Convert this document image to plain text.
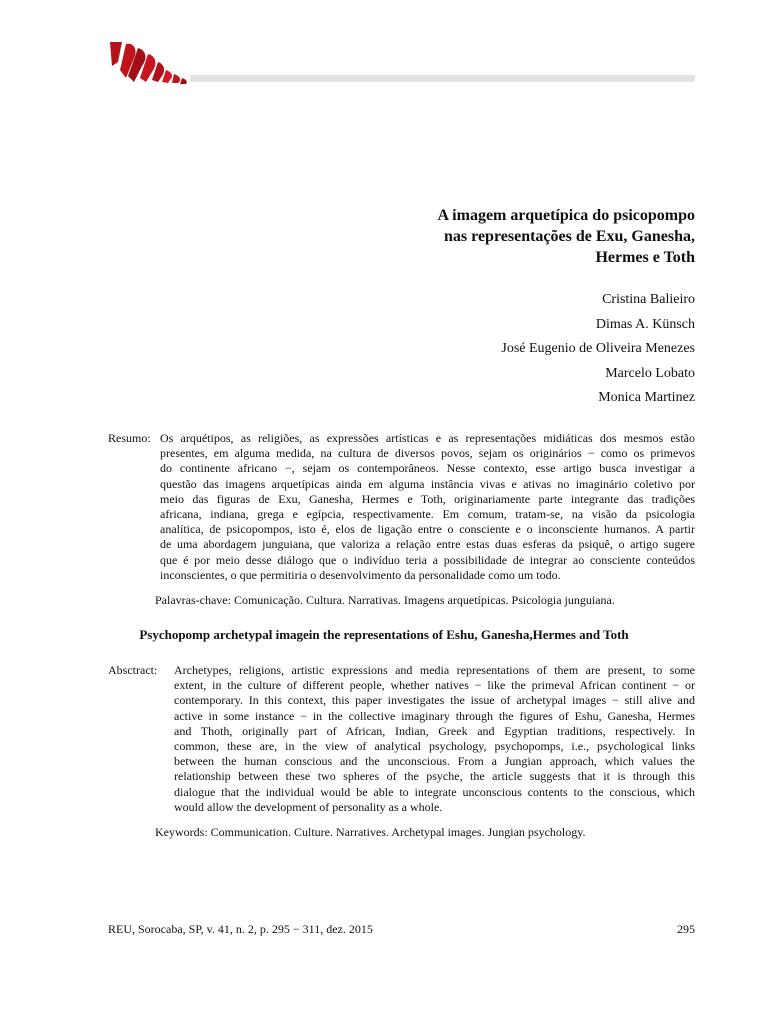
A imagem arquetípica do psicopompo
nas representações de Exu, Ganesha,
Hermes e Toth
Cristina Balieiro
Dimas A. Künsch
José Eugenio de Oliveira Menezes
Marcelo Lobato
Monica Martinez
Resumo: Os arquétipos, as religiões, as expressões artísticas e as representações midiáticas dos mesmos estão
presentes, em alguma medida, na cultura de diversos povos, sejam os originários − como os primevos
do continente africano −, sejam os contemporâneos. Nesse contexto, esse artigo busca investigar a
questão das imagens arquetípicas ainda em alguma instância vivas e ativas no imaginário coletivo por
meio das figuras de Exu, Ganesha, Hermes e Toth, originariamente parte integrante das tradições
africana, indiana, grega e egípcia, respectivamente. Em comum, tratam-se, na visão da psicologia
analítica, de psicopompos, isto é, elos de ligação entre o consciente e o inconsciente humanos. A partir
de uma abordagem junguiana, que valoriza a relação entre estas duas esferas da psiquê, o artigo sugere
que é por meio desse diálogo que o indivíduo teria a possibilidade de integrar ao consciente conteúdos
inconscientes, o que permitiria o desenvolvimento da personalidade como um todo.
Palavras-chave: Comunicação. Cultura. Narrativas. Imagens arquetípicas. Psicologia junguiana.
Psychopomp archetypal imagein the representations of Eshu, Ganesha,Hermes and Toth
Absctract: Archetypes, religions, artistic expressions and media representations of them are present, to some
extent, in the culture of different people, whether natives − like the primeval African continent − or
contemporary. In this context, this paper investigates the issue of archetypal images − still alive and
active in some instance − in the collective imaginary through the figures of Eshu, Ganesha, Hermes
and Thoth, originally part of African, Indian, Greek and Egyptian traditions, respectively. In
common, these are, in the view of analytical psychology, psychopomps, i.e., psychological links
between the human conscious and the unconscious. From a Jungian approach, which values the
relationship between these two spheres of the psyche, the article suggests that it is through this
dialogue that the individual would be able to integrate unconscious contents to the conscious, which
would allow the development of personality as a whole.
Keywords: Communication. Culture. Narratives. Archetypal images. Jungian psychology.
REU, Sorocaba, SP, v. 41, n. 2, p. 295 − 311, dez. 2015	295
